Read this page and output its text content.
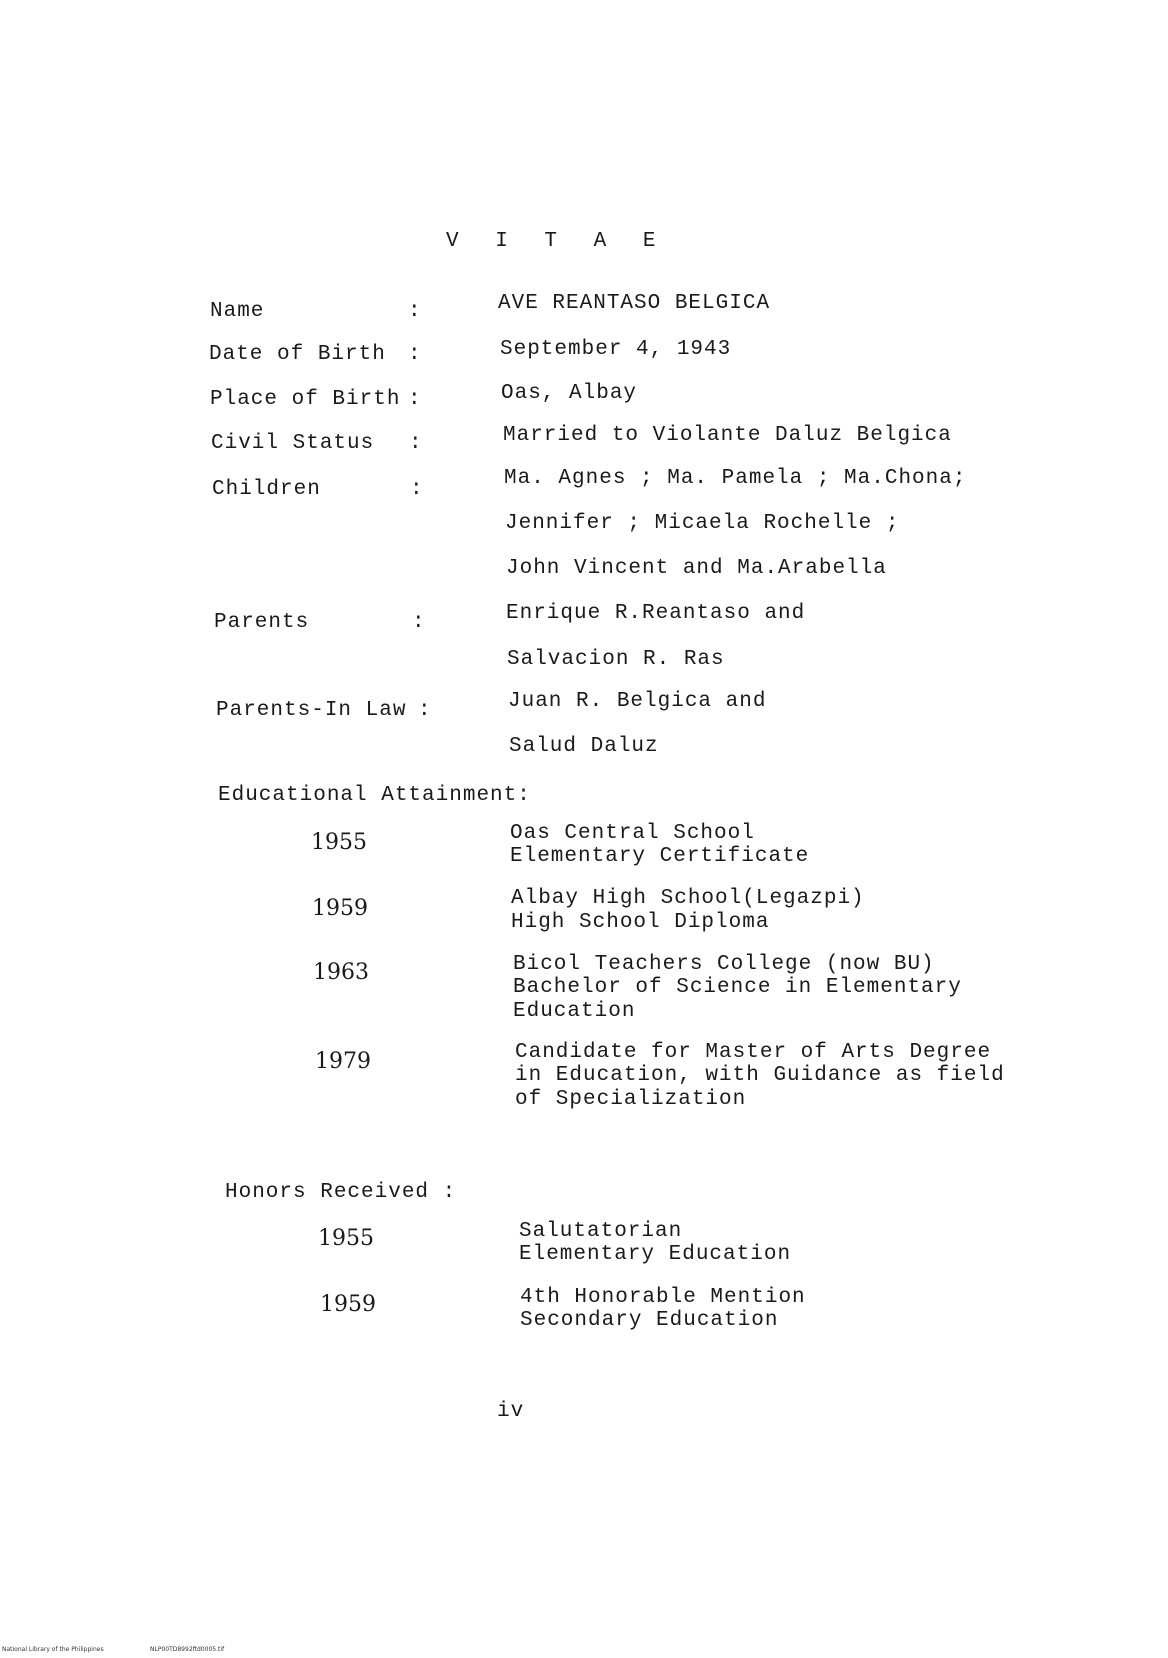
V I T A E
Name	:	AVE REANTASO BELGICA
Date of Birth :	September 4, 1943
Place of Birth :	Oas, Albay
Civil Status :	Married to Violante Daluz Belgica
Children	:	Ma. Agnes ; Ma. Pamela ; Ma.Chona;
Jennifer ; Micaela Rochelle ;
John Vincent and Ma.Arabella
Parents	:	Enrique R.Reantaso and
Salvacion R. Ras
Parents-In Law :	Juan R. Belgica and
Salud Daluz
Educational Attainment:
1955	Oas Central School
Elementary Certificate
1959	Albay High School(Legazpi)
High School Diploma
1963	Bicol Teachers College (now BU)
Bachelor of Science in Elementary
Education
1979	Candidate for Master of Arts Degree
in Education, with Guidance as field
of Specialization
Honors Received :
1955	Salutatorian
Elementary Education
1959	4th Honorable Mention
Secondary Education
iv
National Library of the Philippines	NLP00TD8992ftd0005.tif
